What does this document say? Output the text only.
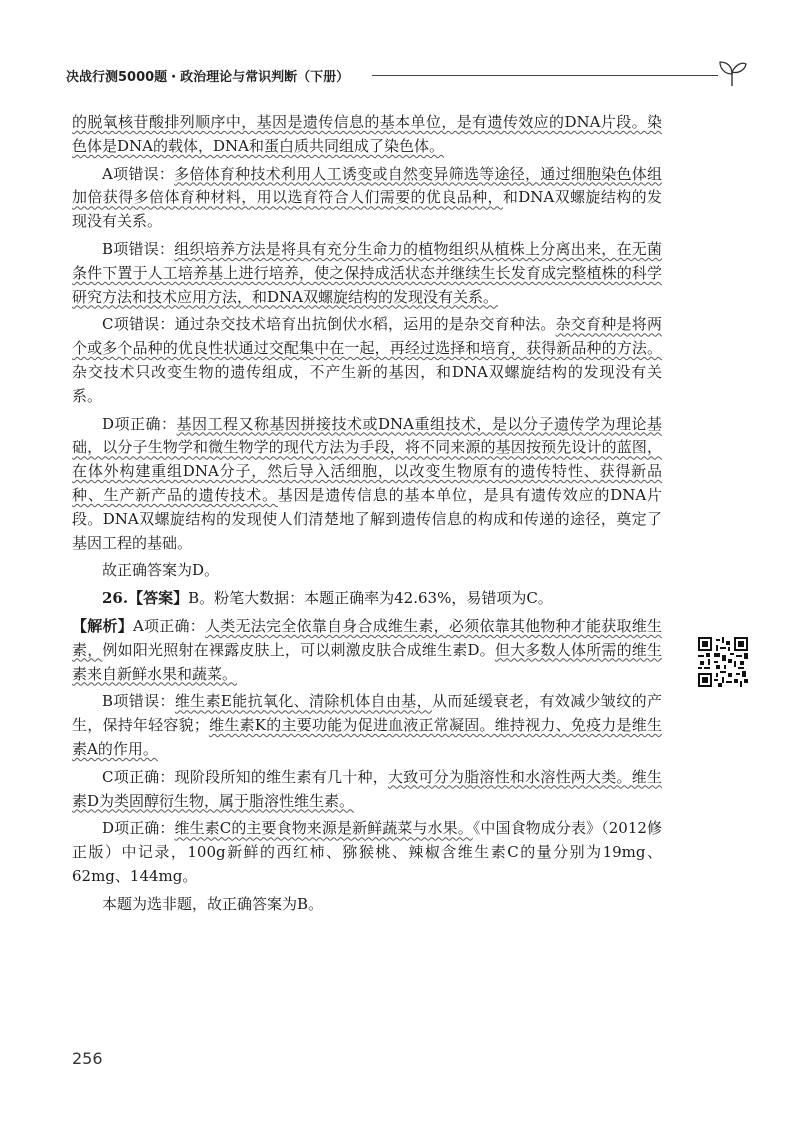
决战行测5000题・政治理论与常识判断（下册）

的脱氧核苷酸排列顺序中，基因是遗传信息的基本单位，是有遗传效应的DNA片段。染色体是DNA的载体，DNA和蛋白质共同组成了染色体。

A项错误：多倍体育种技术利用人工诱变或自然变异筛选等途径，通过细胞染色体组加倍获得多倍体育种材料，用以选育符合人们需要的优良品种，和DNA双螺旋结构的发现没有关系。

B项错误：组织培养方法是将具有充分生命力的植物组织从植株上分离出来，在无菌条件下置于人工培养基上进行培养，使之保持成活状态并继续生长发育成完整植株的科学研究方法和技术应用方法，和DNA双螺旋结构的发现没有关系。

C项错误：通过杂交技术培育出抗倒伏水稻，运用的是杂交育种法。杂交育种是将两个或多个品种的优良性状通过交配集中在一起，再经过选择和培育，获得新品种的方法。杂交技术只改变生物的遗传组成，不产生新的基因，和DNA双螺旋结构的发现没有关系。

D项正确：基因工程又称基因拼接技术或DNA重组技术，是以分子遗传学为理论基础，以分子生物学和微生物学的现代方法为手段，将不同来源的基因按预先设计的蓝图，在体外构建重组DNA分子，然后导入活细胞，以改变生物原有的遗传特性、获得新品种、生产新产品的遗传技术。基因是遗传信息的基本单位，是具有遗传效应的DNA片段。DNA双螺旋结构的发现使人们清楚地了解到遗传信息的构成和传递的途径，奠定了基因工程的基础。

故正确答案为D。

26.【答案】B。粉笔大数据：本题正确率为42.63%，易错项为C。

【解析】A项正确：人类无法完全依靠自身合成维生素，必须依靠其他物种才能获取维生素，例如阳光照射在裸露皮肤上，可以刺激皮肤合成维生素D。但大多数人体所需的维生素来自新鲜水果和蔬菜。

B项错误：维生素E能抗氧化、清除机体自由基，从而延缓衰老，有效减少皱纹的产生，保持年轻容貌；维生素K的主要功能为促进血液正常凝固。维持视力、免疫力是维生素A的作用。

C项正确：现阶段所知的维生素有几十种，大致可分为脂溶性和水溶性两大类。维生素D为类固醇衍生物，属于脂溶性维生素。

D项正确：维生素C的主要食物来源是新鲜蔬菜与水果。《中国食物成分表》（2012修正版）中记录，100g新鲜的西红柿、猕猴桃、辣椒含维生素C的量分别为19mg、62mg、144mg。

本题为选非题，故正确答案为B。

256
